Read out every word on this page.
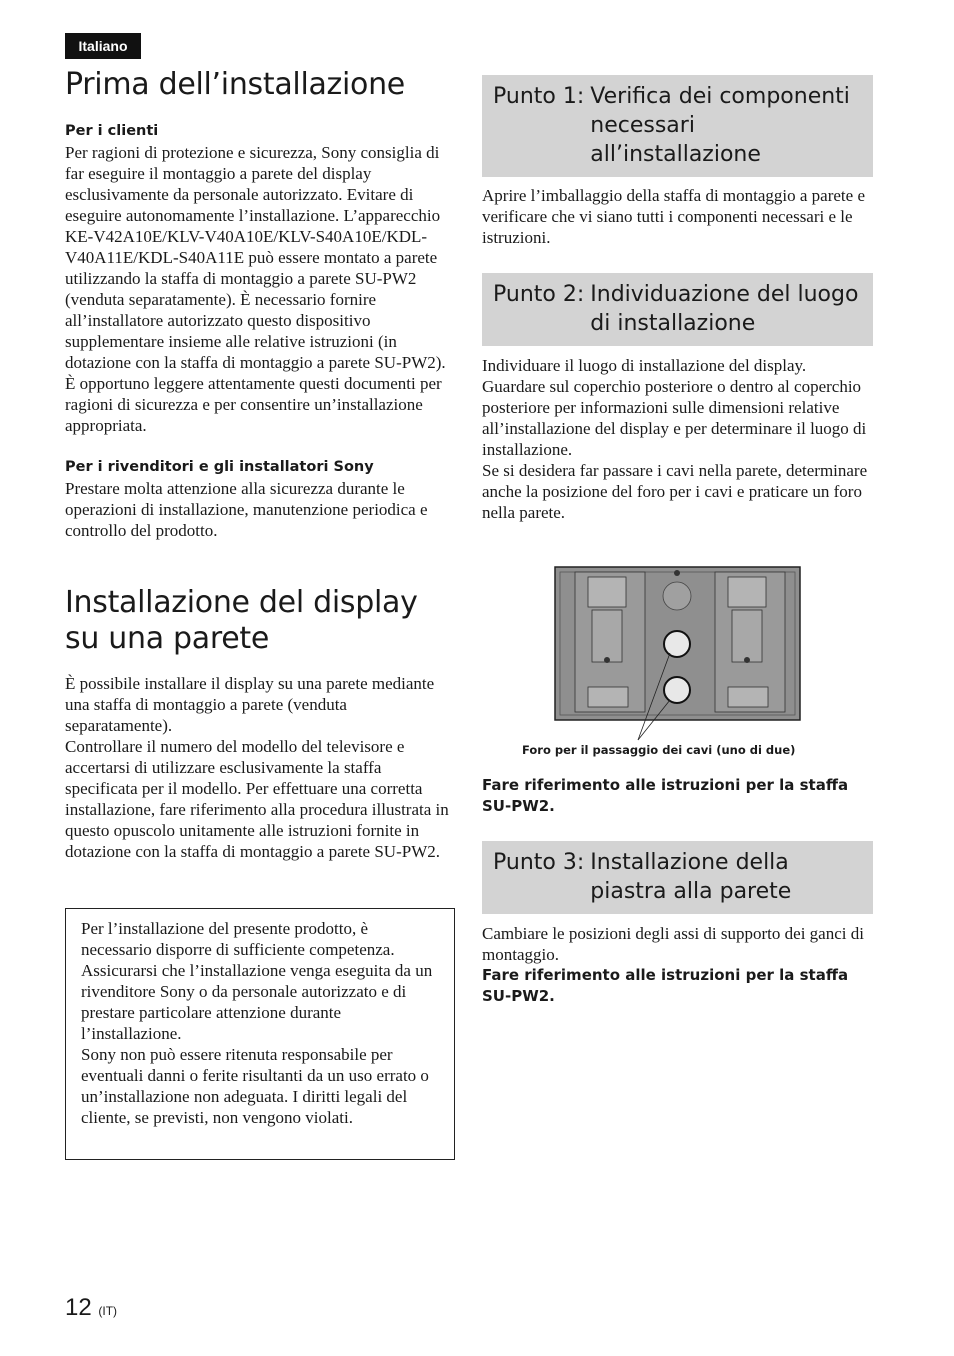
Italiano
Prima dell’installazione

Per i clienti

Per ragioni di protezione e sicurezza, Sony consiglia di far eseguire il montaggio a parete del display esclusivamente da personale autorizzato. Evitare di eseguire autonomamente l’installazione. L’apparecchio KE-V42A10E/KLV-V40A10E/KLV-S40A10E/KDL-V40A11E/KDL-S40A11E può essere montato a parete utilizzando la staffa di montaggio a parete SU-PW2 (venduta separatamente). È necessario fornire all’installatore autorizzato questo dispositivo supplementare insieme alle relative istruzioni (in dotazione con la staffa di montaggio a parete SU-PW2). È opportuno leggere attentamente questi documenti per ragioni di sicurezza e per consentire un’installazione appropriata.

Per i rivenditori e gli installatori Sony

Prestare molta attenzione alla sicurezza durante le operazioni di installazione, manutenzione periodica e controllo del prodotto.

Installazione del display su una parete

È possibile installare il display su una parete mediante una staffa di montaggio a parete (venduta separatamente).

Controllare il numero del modello del televisore e accertarsi di utilizzare esclusivamente la staffa specificata per il modello. Per effettuare una corretta installazione, fare riferimento alla procedura illustrata in questo opuscolo unitamente alle istruzioni fornite in dotazione con la staffa di montaggio a parete SU-PW2.

Per l’installazione del presente prodotto, è necessario disporre di sufficiente competenza. Assicurarsi che l’installazione venga eseguita da un rivenditore Sony o da personale autorizzato e di prestare particolare attenzione durante l’installazione.

Sony non può essere ritenuta responsabile per eventuali danni o ferite risultanti da un uso errato o un’installazione non adeguata. I diritti legali del cliente, se previsti, non vengono violati.

Punto 1: Verifica dei componenti necessari all’installazione

Aprire l’imballaggio della staffa di montaggio a parete e verificare che vi siano tutti i componenti necessari e le istruzioni.

Punto 2: Individuazione del luogo di installazione

Individuare il luogo di installazione del display. Guardare sul coperchio posteriore o dentro al coperchio posteriore per informazioni sulle dimensioni relative all’installazione del display e per determinare il luogo di installazione.

Se si desidera far passare i cavi nella parete, determinare anche la posizione del foro per i cavi e praticare un foro nella parete.

Fare riferimento alle istruzioni per la staffa SU-PW2.

Punto 3: Installazione della piastra alla parete

Cambiare le posizioni degli assi di supporto dei ganci di montaggio.

Fare riferimento alle istruzioni per la staffa SU-PW2.

Foro per il passaggio dei cavi (uno di due)
12 (IT)
